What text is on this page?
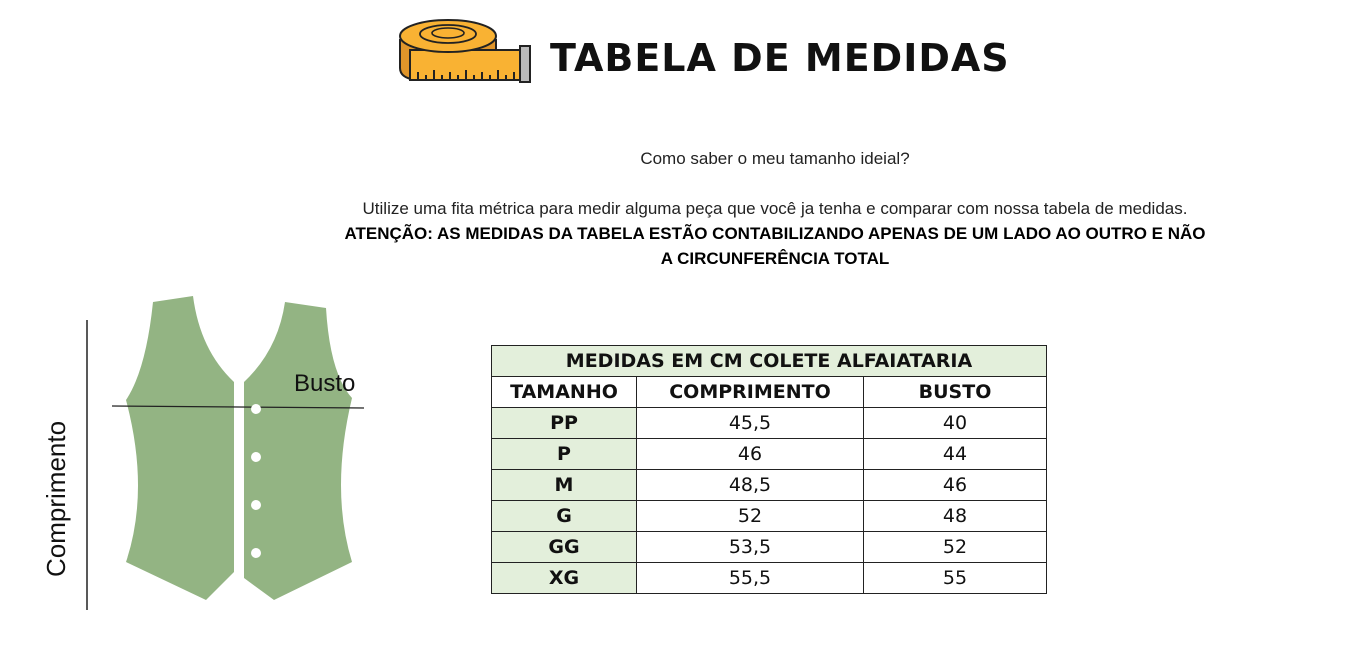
TABELA DE MEDIDAS
Como saber o meu tamanho ideial?
Utilize uma fita métrica para medir alguma peça que você ja tenha e comparar com nossa tabela de medidas.
ATENÇÃO: AS MEDIDAS DA TABELA ESTÃO CONTABILIZANDO APENAS DE UM LADO AO OUTRO E NÃO A CIRCUNFERÊNCIA TOTAL
Busto
Comprimento
MEDIDAS EM CM COLETE ALFAIATARIA		
TAMANHO	COMPRIMENTO	BUSTO
PP	45,5	40
P	46	44
M	48,5	46
G	52	48
GG	53,5	52
XG	55,5	55
